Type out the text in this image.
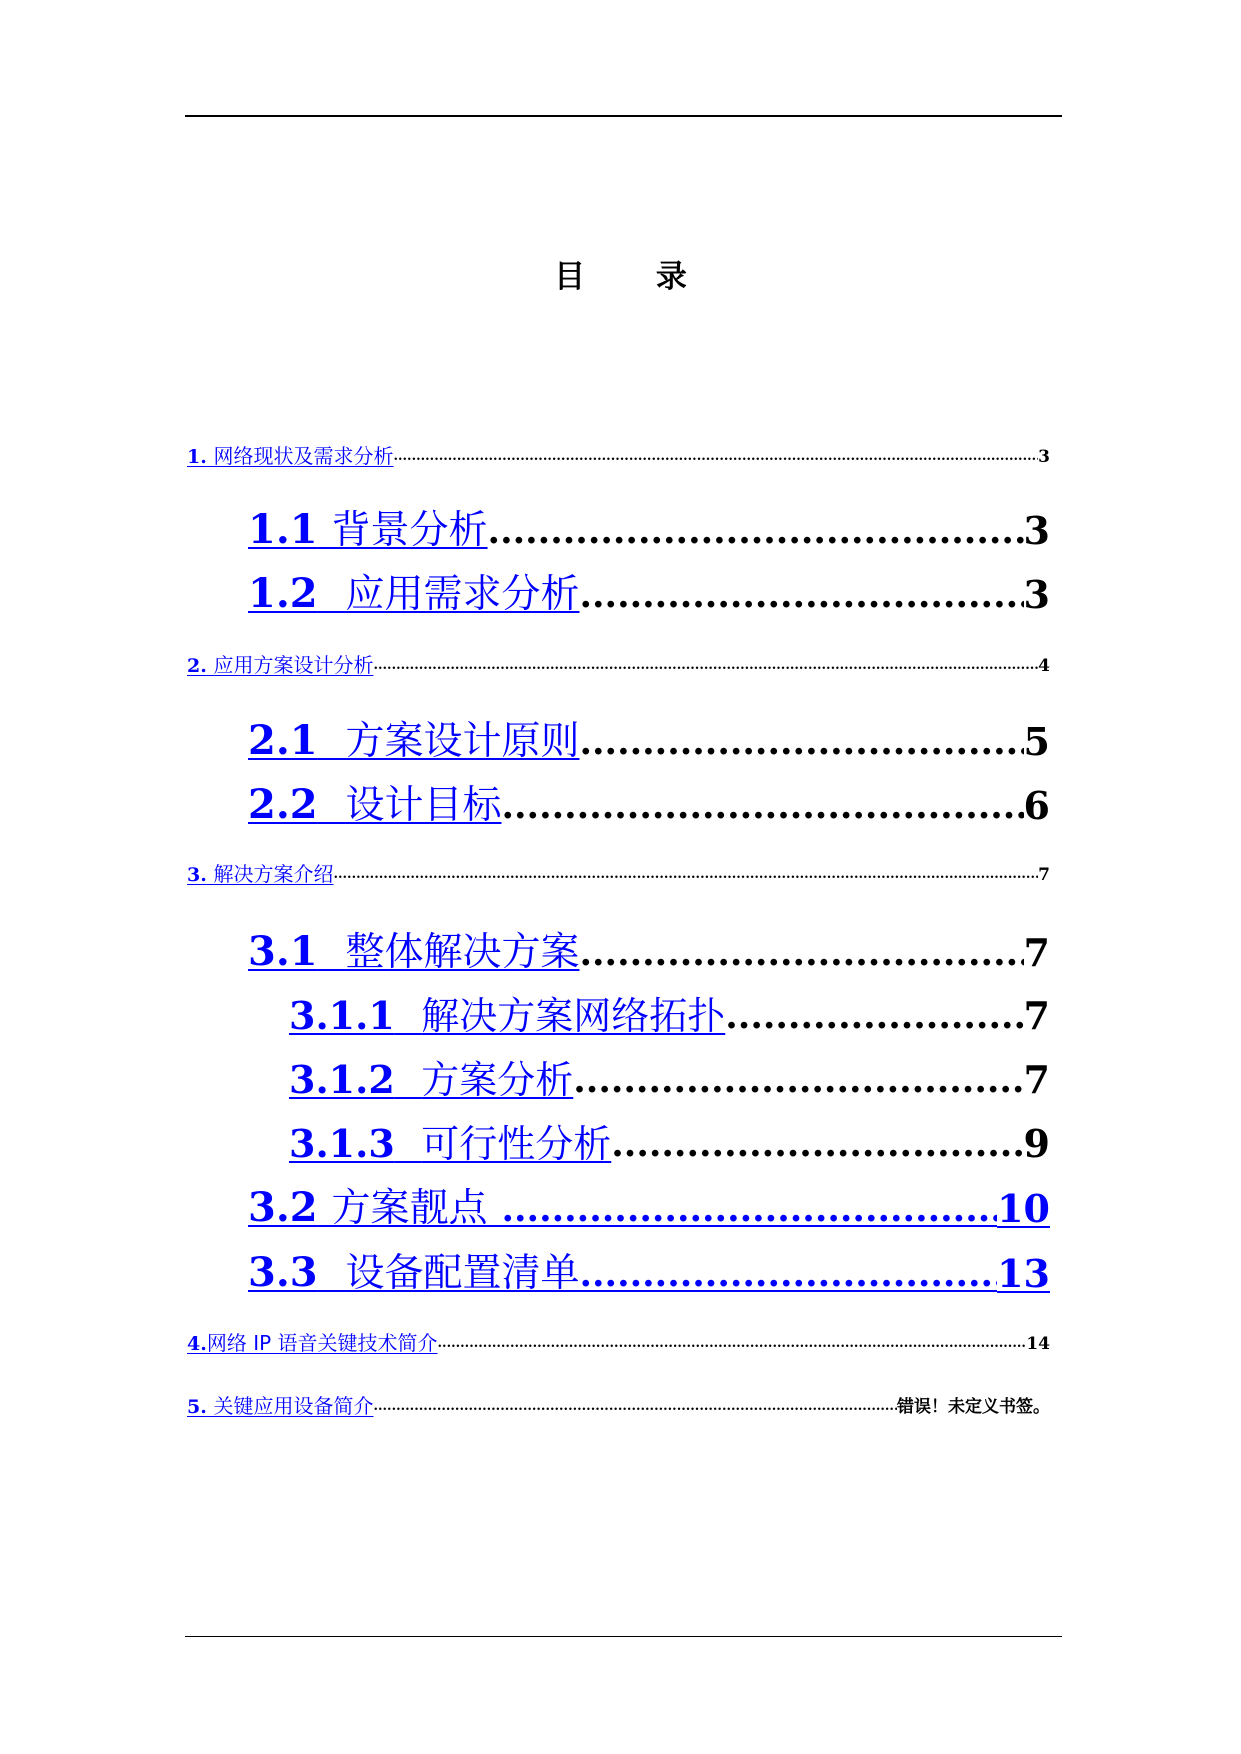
目 录
1. 网络现状及需求分析 .....	3
1.1 背景分析 .....	3
1.2 应用需求分析 .....	3
2. 应用方案设计分析 .....	4
2.1 方案设计原则 .....	5
2.2 设计目标 .....	6
3. 解决方案介绍 .....	7
3.1 整体解决方案 .....	7
3.1.1 解决方案网络拓扑 .....	7
3.1.2 方案分析 .....	7
3.1.3 可行性分析 .....	9
3.2 方案靓点 .....	10
3.3 设备配置清单 .....	13
4.网络 IP 语音关键技术简介 .....	14
5. 关键应用设备简介 .....	错误！未定义书签。
